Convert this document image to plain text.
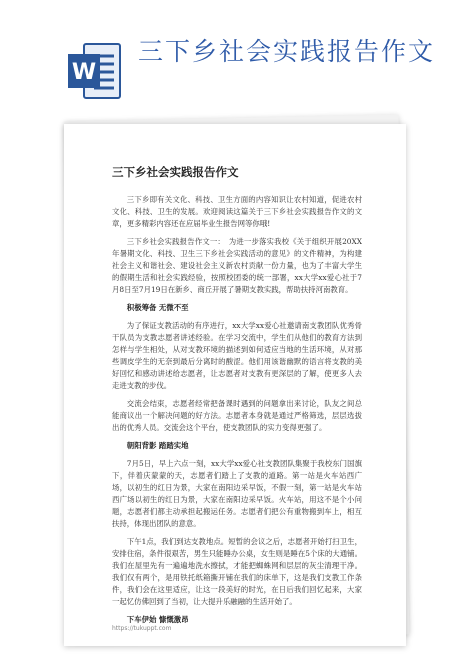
W
三下乡社会实践报告作文
三下乡社会实践报告作文

三下乡即有关文化、科技、卫生方面的内容知识让农村知道，促进农村文化、科技、卫生的发展。欢迎阅读这篇关于三下乡社会实践报告作文的文章，更多精彩内容还在应届毕业生报告网等你哦!

三下乡社会实践报告作文一：　为进一步落实我校《关于组织开展20XX年暑期文化、科技、卫生三下乡社会实践活动的意见》的文件精神，为构建社会主义和谐社会、建设社会主义新农村贡献一份力量，也为了丰富大学生的假期生活和社会实践经验，按照校团委的统一部署，xx大学xx爱心社于7月8日至7月19日在新乡、商丘开展了暑期支教实践，帮助扶持河南教育。

积极筹备 无微不至

为了保证支教活动的有序进行，xx大学xx爱心社邀请南支教团队优秀骨干队员为支教志愿者讲述经验。在学习交流中，学生们从他们的教育方法到怎样与学生相处，从对支教环境的描述到如何适应当地的生活环境，从对那些调皮学生的无奈到最后分离时的酸涩。他们用该谐幽默的语言将支教的美好回忆和感动讲述给志愿者，让志愿者对支教有更深层的了解，使更多人去走进支教的步伐。

交流会结束，志愿者经常把备课时遇到的问题拿出来讨论，队友之间总能商议出一个解决问题的好方法。志愿者本身就是通过严格筛选，层层选拔出的优秀人员。交流会这个平台，使支教团队的实力变得更强了。

朝阳背影 踏踏实地

7月5日，早上六点一刻，xx大学xx爱心社支教团队集聚于我校东门国旗下，伴着庆蒙蒙的天，志愿者们踏上了支教的道路。第一站是火车站西广场，以初生的红日为景，大家在南阳边采早饭，不假一刻，第一站是火车站西广场以初生的红日为景，大家在南阳边采早饭。火车站，用这不是个小问题，志愿者们都主动承担起搬运任务。志愿者们把公有重物搬到车上，相互扶持，体现出团队的意意。

下午1点，我们到达支教地点。短暂的会议之后，志愿者开始打扫卫生，安排住宿，条件很艰苦，男生只能睡办公桌，女生则是睡在5个床的大通铺。我们在屋里先有一遍遍地洗水擦拭，才能把蜘蛛网和层层的灰尘清理干净。我们仅有两个，是用铁托纸箱撕开铺在我们的床单下，这是我们支教工作条件，我们会在这里适应，让这一段美好的时光，在日后我们回忆起来，大家一起忆仿佛回到了当初，让大提升乐融融的生活开始了。

下车伊始 慷慨激昂

https://tukuppt.com
